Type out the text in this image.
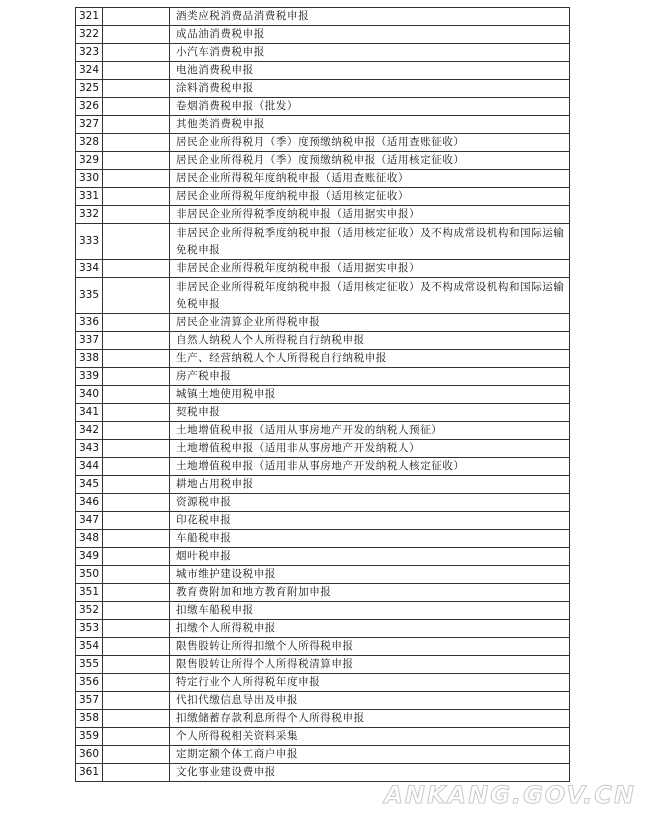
321		酒类应税消费品消费税申报
322		成品油消费税申报
323		小汽车消费税申报
324		电池消费税申报
325		涂料消费税申报
326		卷烟消费税申报（批发）
327		其他类消费税申报
328		居民企业所得税月（季）度预缴纳税申报（适用查账征收）
329		居民企业所得税月（季）度预缴纳税申报（适用核定征收）
330		居民企业所得税年度纳税申报（适用查账征收）
331		居民企业所得税年度纳税申报（适用核定征收）
332		非居民企业所得税季度纳税申报（适用据实申报）
333		非居民企业所得税季度纳税申报（适用核定征收）及不构成常设机构和国际运输免税申报
334		非居民企业所得税年度纳税申报（适用据实申报）
335		非居民企业所得税年度纳税申报（适用核定征收）及不构成常设机构和国际运输免税申报
336		居民企业清算企业所得税申报
337		自然人纳税人个人所得税自行纳税申报
338		生产、经营纳税人个人所得税自行纳税申报
339		房产税申报
340		城镇土地使用税申报
341		契税申报
342		土地增值税申报（适用从事房地产开发的纳税人预征）
343		土地增值税申报（适用非从事房地产开发纳税人）
344		土地增值税申报（适用非从事房地产开发纳税人核定征收）
345		耕地占用税申报
346		资源税申报
347		印花税申报
348		车船税申报
349		烟叶税申报
350		城市维护建设税申报
351		教育费附加和地方教育附加申报
352		扣缴车船税申报
353		扣缴个人所得税申报
354		限售股转让所得扣缴个人所得税申报
355		限售股转让所得个人所得税清算申报
356		特定行业个人所得税年度申报
357		代扣代缴信息导出及申报
358		扣缴储蓄存款利息所得个人所得税申报
359		个人所得税相关资料采集
360		定期定额个体工商户申报
361		文化事业建设费申报
ANKANG.GOV.CN
